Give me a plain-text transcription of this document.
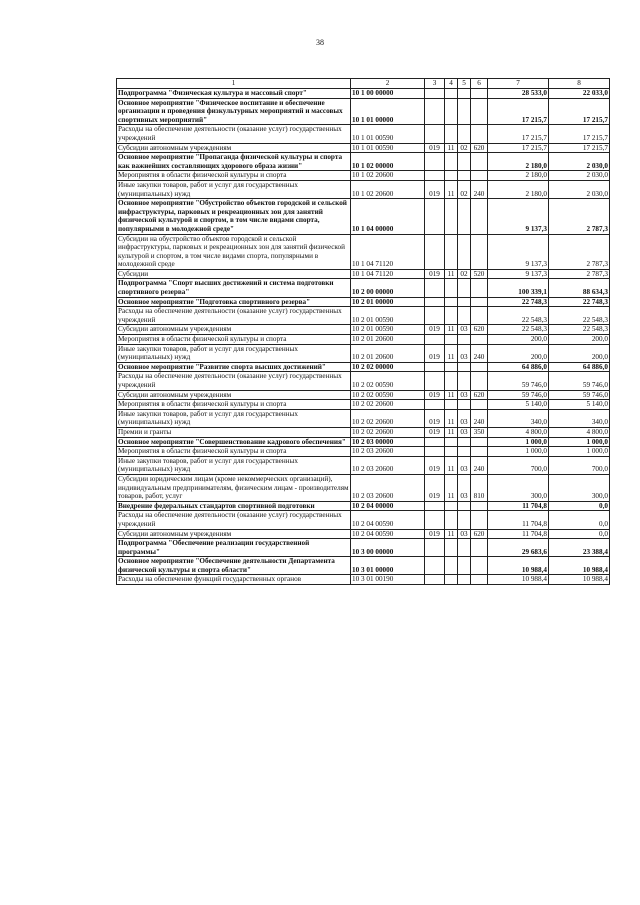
38
1	2	3	4	5	6	7	8
Подпрограмма "Физическая культура и массовый спорт"	10 1 00 00000					28 533,0	22 033,0
Основное мероприятие "Физическое воспитание и обеспечение организации и проведения физкультурных мероприятий и массовых спортивных мероприятий"	10 1 01 00000					17 215,7	17 215,7
Расходы на обеспечение деятельности (оказание услуг) государственных учреждений	10 1 01 00590					17 215,7	17 215,7
Субсидии автономным учреждениям	10 1 01 00590	019	11	02	620	17 215,7	17 215,7
Основное мероприятие "Пропаганда физической культуры и спорта как важнейших составляющих здорового образа жизни"	10 1 02 00000					2 180,0	2 030,0
Мероприятия в области физической культуры и спорта	10 1 02 20600					2 180,0	2 030,0
Иные закупки товаров, работ и услуг для государственных (муниципальных) нужд	10 1 02 20600	019	11	02	240	2 180,0	2 030,0
Основное мероприятие "Обустройство объектов городской и сельской инфраструктуры, парковых и рекреационных зон для занятий физической культурой и спортом, в том числе видами спорта, популярными в молодежной среде"	10 1 04 00000					9 137,3	2 787,3
Субсидии на обустройство объектов городской и сельской инфраструктуры, парковых и рекреационных зон для занятий физической культурой и спортом, в том числе видами спорта, популярными в молодежной среде	10 1 04 71120					9 137,3	2 787,3
Субсидии	10 1 04 71120	019	11	02	520	9 137,3	2 787,3
Подпрограмма "Спорт высших достижений и система подготовки спортивного резерва"	10 2 00 00000					100 339,1	88 634,3
Основное мероприятие "Подготовка спортивного резерва"	10 2 01 00000					22 748,3	22 748,3
Расходы на обеспечение деятельности (оказание услуг) государственных учреждений	10 2 01 00590					22 548,3	22 548,3
Субсидии автономным учреждениям	10 2 01 00590	019	11	03	620	22 548,3	22 548,3
Мероприятия в области физической культуры и спорта	10 2 01 20600					200,0	200,0
Иные закупки товаров, работ и услуг для государственных (муниципальных) нужд	10 2 01 20600	019	11	03	240	200,0	200,0
Основное мероприятие "Развитие спорта высших достижений"	10 2 02 00000					64 886,0	64 886,0
Расходы на обеспечение деятельности (оказание услуг) государственных учреждений	10 2 02 00590					59 746,0	59 746,0
Субсидии автономным учреждениям	10 2 02 00590	019	11	03	620	59 746,0	59 746,0
Мероприятия в области физической культуры и спорта	10 2 02 20600					5 140,0	5 140,0
Иные закупки товаров, работ и услуг для государственных (муниципальных) нужд	10 2 02 20600	019	11	03	240	340,0	340,0
Премии и гранты	10 2 02 20600	019	11	03	350	4 800,0	4 800,0
Основное мероприятие "Совершенствование кадрового обеспечения"	10 2 03 00000					1 000,0	1 000,0
Мероприятия в области физической культуры и спорта	10 2 03 20600					1 000,0	1 000,0
Иные закупки товаров, работ и услуг для государственных (муниципальных) нужд	10 2 03 20600	019	11	03	240	700,0	700,0
Субсидии юридическим лицам (кроме некоммерческих организаций), индивидуальным предпринимателям, физическим лицам - производителям товаров, работ, услуг	10 2 03 20600	019	11	03	810	300,0	300,0
Внедрение федеральных стандартов спортивной подготовки	10 2 04 00000					11 704,8	0,0
Расходы на обеспечение деятельности (оказание услуг) государственных учреждений	10 2 04 00590					11 704,8	0,0
Субсидии автономным учреждениям	10 2 04 00590	019	11	03	620	11 704,8	0,0
Подпрограмма "Обеспечение реализации государственной программы"	10 3 00 00000					29 683,6	23 388,4
Основное мероприятие "Обеспечение деятельности Департамента физической культуры и спорта области"	10 3 01 00000					10 988,4	10 988,4
Расходы на обеспечение функций государственных органов	10 3 01 00190					10 988,4	10 988,4
